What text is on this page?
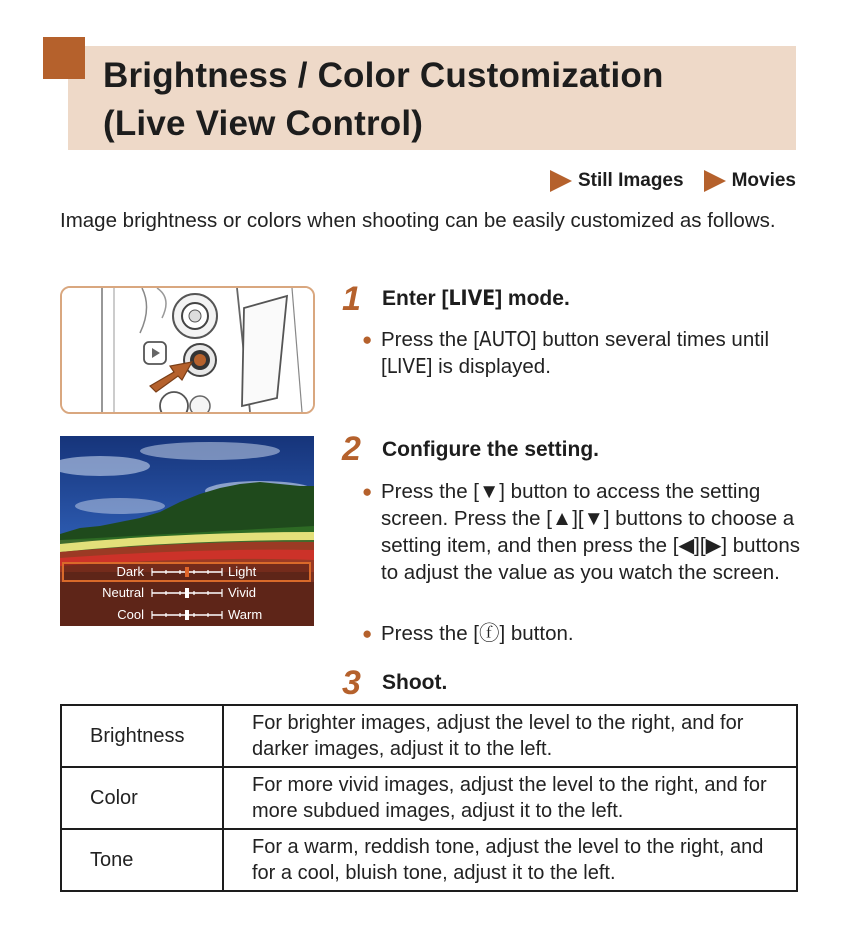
Brightness / Color Customization
(Live View Control)
Still Images	Movies
Image brightness or colors when shooting can be easily customized as follows.
Dark	Light
Neutral	Vivid
Cool	Warm
1 Enter [LIVE] mode.
● Press the [AUTO] button several times until [LIVE] is displayed.
2 Configure the setting.
● Press the [▼] button to access the setting screen. Press the [▲][▼] buttons to choose a setting item, and then press the [◀][▶] buttons to adjust the value as you watch the screen.
● Press the [ⓕ] button.
3 Shoot.
Brightness	For brighter images, adjust the level to the right, and for darker images, adjust it to the left.
Color	For more vivid images, adjust the level to the right, and for more subdued images, adjust it to the left.
Tone	For a warm, reddish tone, adjust the level to the right, and for a cool, bluish tone, adjust it to the left.
